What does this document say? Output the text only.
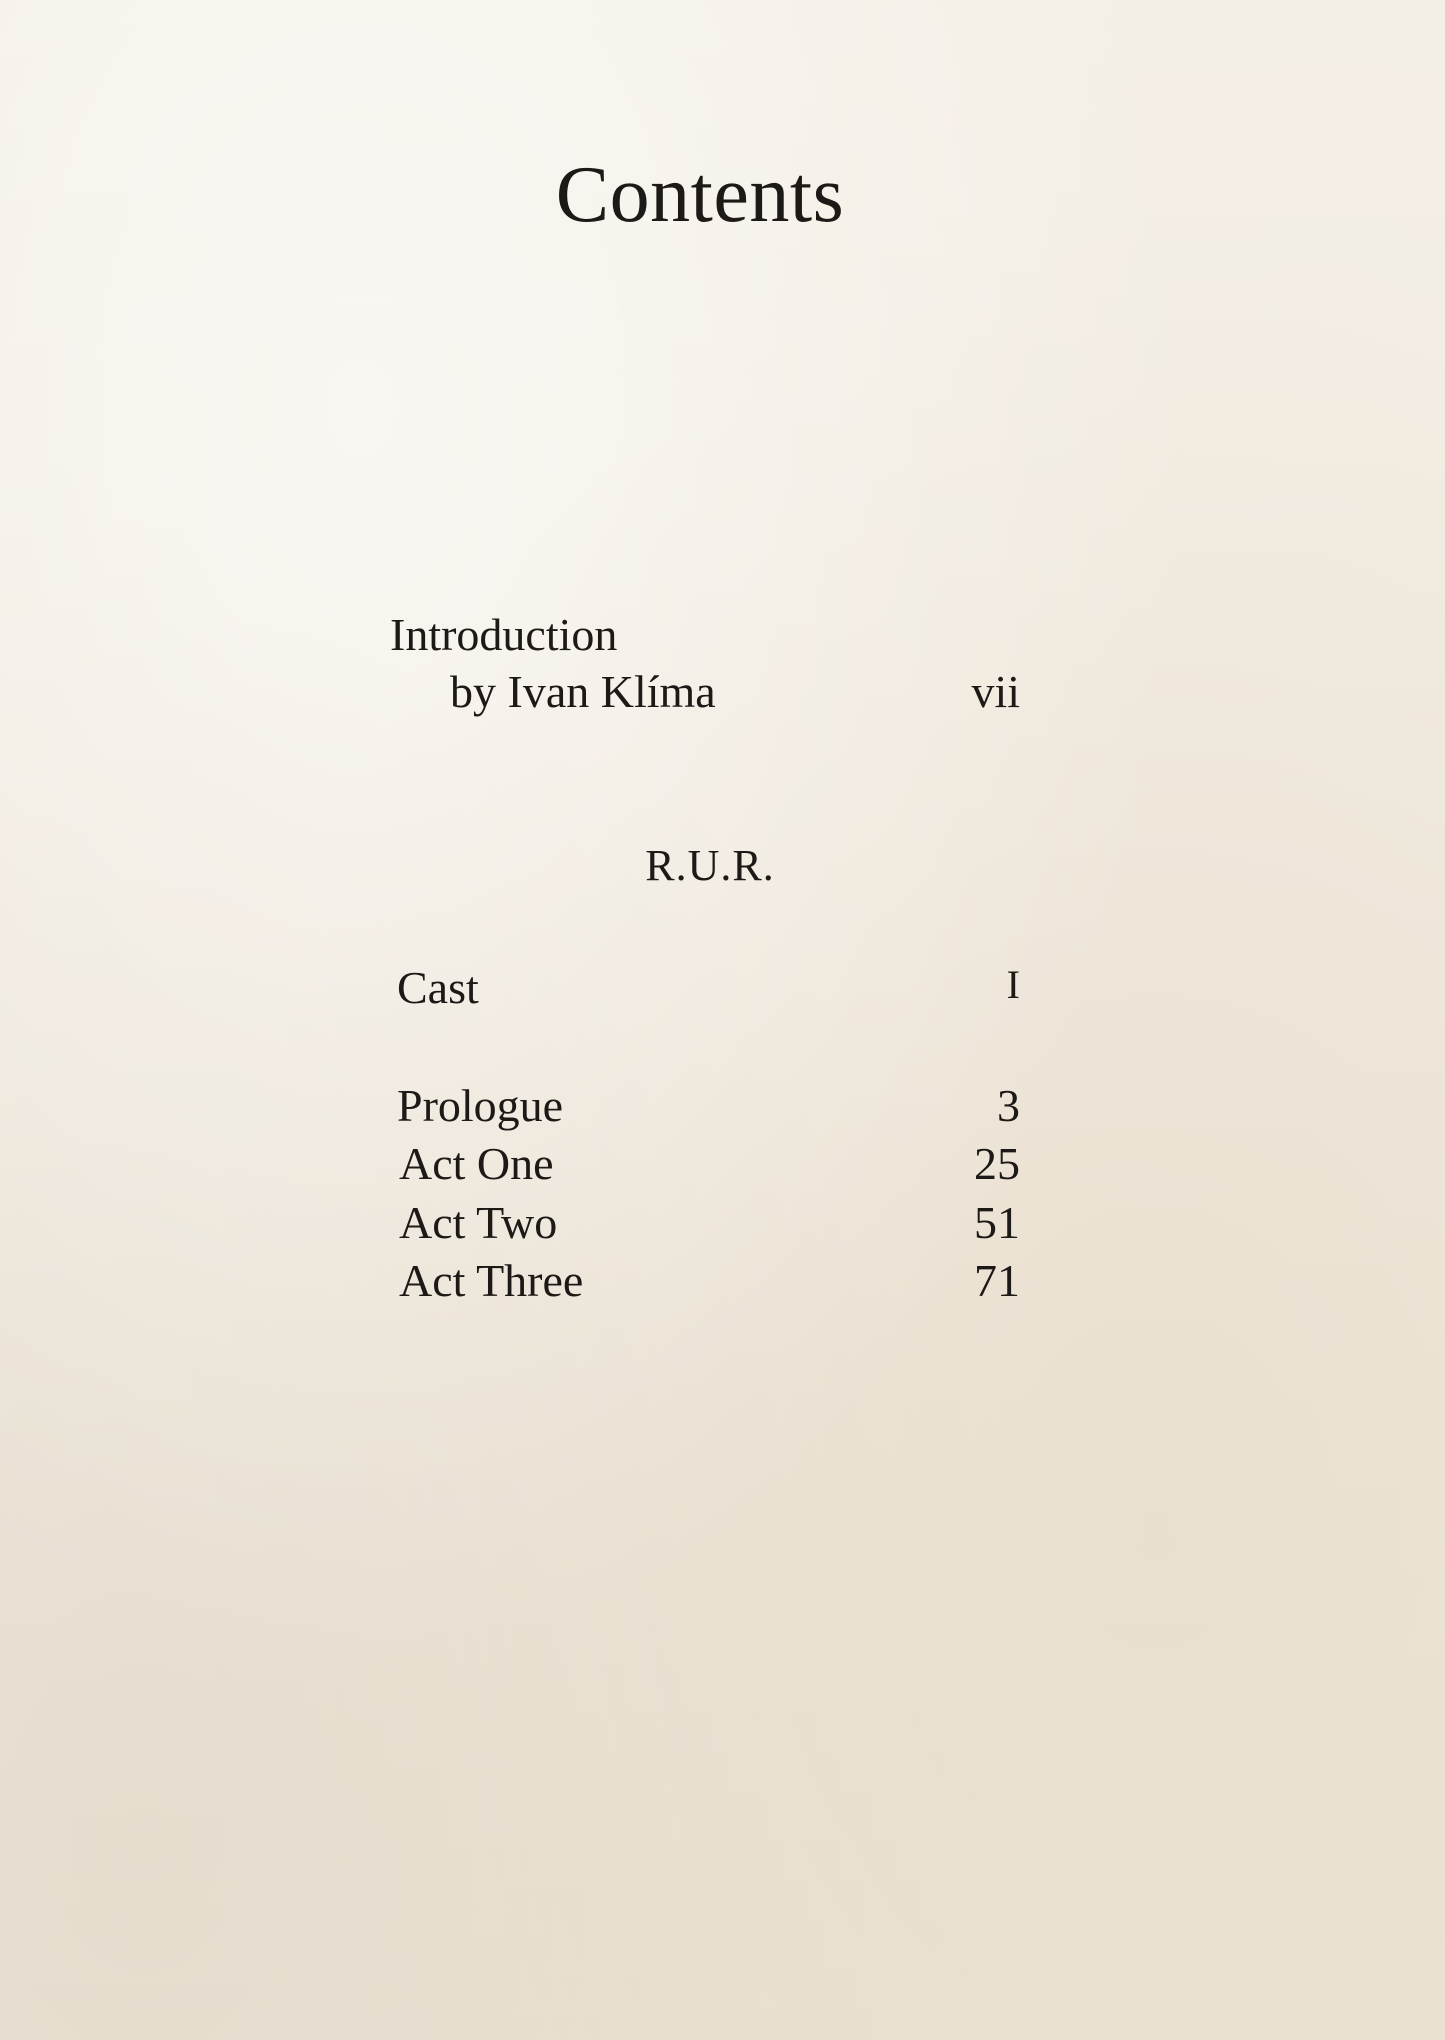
Contents
Introduction
by Ivan Klíma	vii
R.U.R.
Cast	I
Prologue	3
Act One	25
Act Two	51
Act Three	71
